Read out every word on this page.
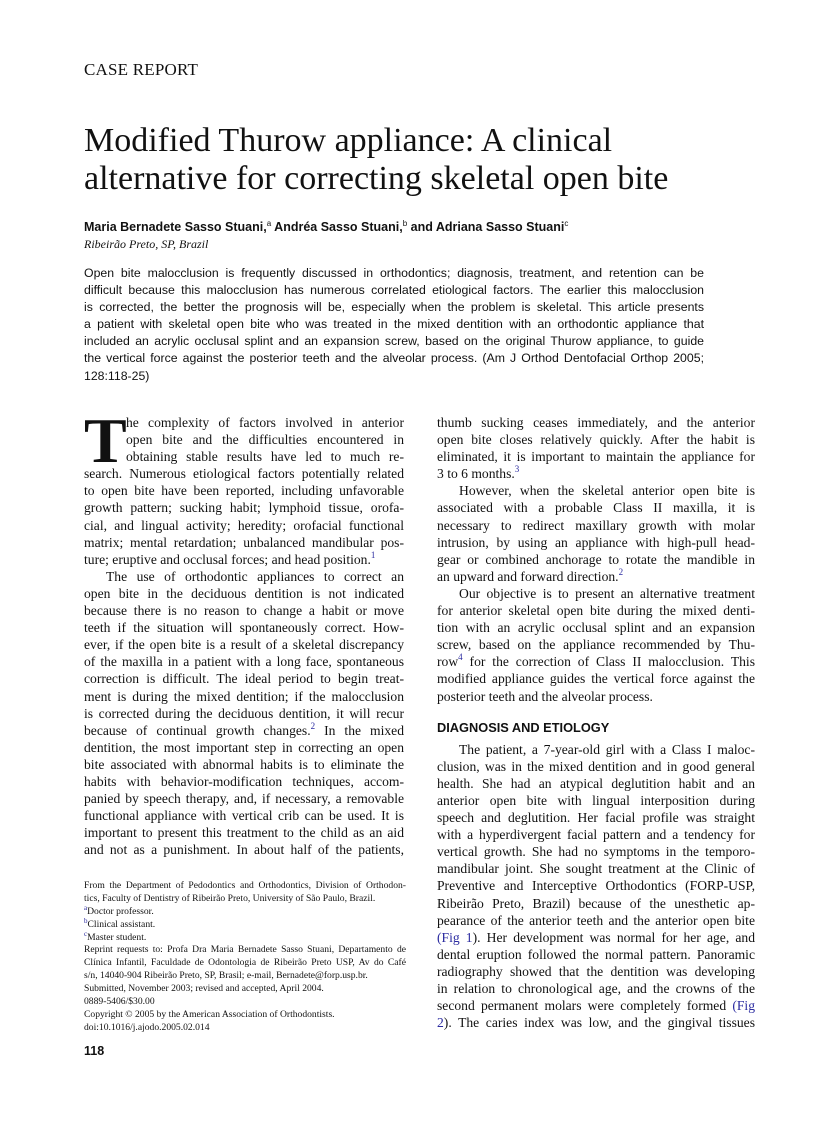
CASE REPORT
Modified Thurow appliance: A clinical
alternative for correcting skeletal open bite
Maria Bernadete Sasso Stuani,$^a$ Andréa Sasso Stuani,$^b$ and Adriana Sasso Stuani$^c$
Ribeirão Preto, SP, Brazil
Open bite malocclusion is frequently discussed in orthodontics; diagnosis, treatment, and retention can be
difficult because this malocclusion has numerous correlated etiological factors. The earlier this malocclusion
is corrected, the better the prognosis will be, especially when the problem is skeletal. This article presents
a patient with skeletal open bite who was treated in the mixed dentition with an orthodontic appliance that
included an acrylic occlusal splint and an expansion screw, based on the original Thurow appliance, to guide
the vertical force against the posterior teeth and the alveolar process. (Am J Orthod Dentofacial Orthop 2005;
128:118-25)
T he complexity of factors involved in anterior
open bite and the difficulties encountered in
obtaining stable results have led to much re-
search. Numerous etiological factors potentially related
to open bite have been reported, including unfavorable
growth pattern; sucking habit; lymphoid tissue, orofa-
cial, and lingual activity; heredity; orofacial functional
matrix; mental retardation; unbalanced mandibular pos-
ture; eruptive and occlusal forces; and head position.$^1$
The use of orthodontic appliances to correct an
open bite in the deciduous dentition is not indicated
because there is no reason to change a habit or move
teeth if the situation will spontaneously correct. How-
ever, if the open bite is a result of a skeletal discrepancy
of the maxilla in a patient with a long face, spontaneous
correction is difficult. The ideal period to begin treat-
ment is during the mixed dentition; if the malocclusion
is corrected during the deciduous dentition, it will recur
because of continual growth changes.$^2$ In the mixed
dentition, the most important step in correcting an open
bite associated with abnormal habits is to eliminate the
habits with behavior-modification techniques, accom-
panied by speech therapy, and, if necessary, a removable
functional appliance with vertical crib can be used. It is
important to present this treatment to the child as an aid
and not as a punishment. In about half of the patients,
thumb sucking ceases immediately, and the anterior
open bite closes relatively quickly. After the habit is
eliminated, it is important to maintain the appliance for
3 to 6 months.$^3$
However, when the skeletal anterior open bite is
associated with a probable Class II maxilla, it is
necessary to redirect maxillary growth with molar
intrusion, by using an appliance with high-pull head-
gear or combined anchorage to rotate the mandible in
an upward and forward direction.$^2$
Our objective is to present an alternative treatment
for anterior skeletal open bite during the mixed denti-
tion with an acrylic occlusal splint and an expansion
screw, based on the appliance recommended by Thu-
row$^4$ for the correction of Class II malocclusion. This
modified appliance guides the vertical force against the
posterior teeth and the alveolar process.
DIAGNOSIS AND ETIOLOGY
The patient, a 7-year-old girl with a Class I maloc-
clusion, was in the mixed dentition and in good general
health. She had an atypical deglutition habit and an
anterior open bite with lingual interposition during
speech and deglutition. Her facial profile was straight
with a hyperdivergent facial pattern and a tendency for
vertical growth. She had no symptoms in the temporo-
mandibular joint. She sought treatment at the Clinic of
Preventive and Interceptive Orthodontics (FORP-USP,
Ribeirão Preto, Brazil) because of the unesthetic ap-
pearance of the anterior teeth and the anterior open bite
(Fig 1). Her development was normal for her age, and
dental eruption followed the normal pattern. Panoramic
radiography showed that the dentition was developing
in relation to chronological age, and the crowns of the
second permanent molars were completely formed (Fig
2). The caries index was low, and the gingival tissues
From the Department of Pedodontics and Orthodontics, Division of Orthodon-
tics, Faculty of Dentistry of Ribeirão Preto, University of São Paulo, Brazil.
$^a$Doctor professor.
$^b$Clinical assistant.
$^c$Master student.
Reprint requests to: Profa Dra Maria Bernadete Sasso Stuani, Departamento de
Clínica Infantil, Faculdade de Odontologia de Ribeirão Preto USP, Av do Café
s/n, 14040-904 Ribeirão Preto, SP, Brasil; e-mail, Bernadete@forp.usp.br.
Submitted, November 2003; revised and accepted, April 2004.
0889-5406/$30.00
Copyright © 2005 by the American Association of Orthodontists.
doi:10.1016/j.ajodo.2005.02.014
118
